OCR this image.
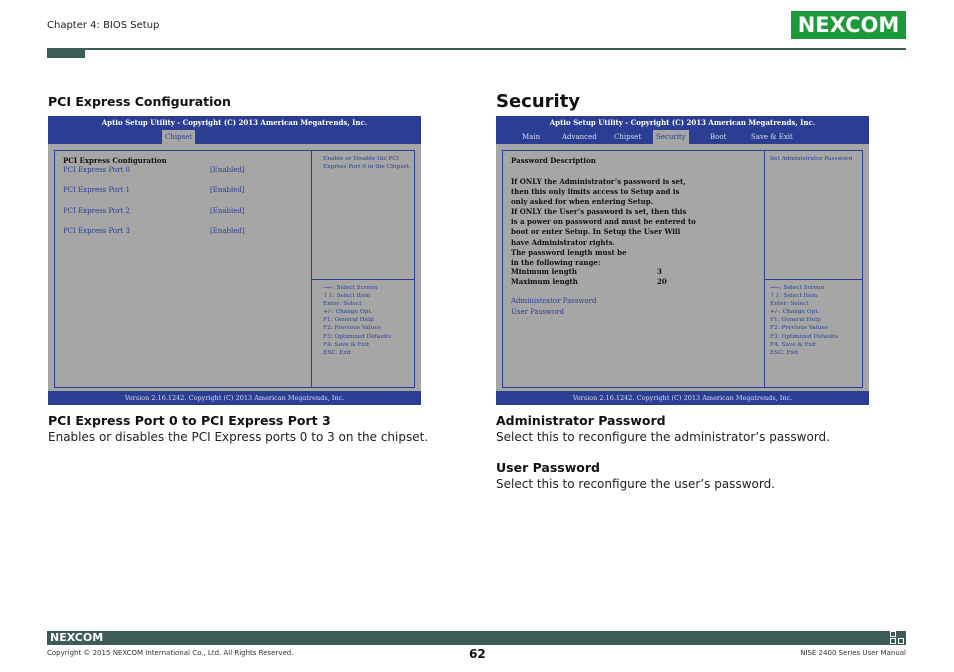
Chapter 4: BIOS Setup	NEXCOM
PCI Express Configuration
Aptio Setup Utility - Copyright (C) 2013 American Megatrends, Inc.
Chipset
PCI Express Configuration
PCI Express Port 0	[Enabled]
PCI Express Port 1	[Enabled]
PCI Express Port 2	[Enabled]
PCI Express Port 3	[Enabled]
Enable or Disable the PCI
Express Port 0 in the Chipset.
→←: Select Screen
↑↓: Select Item
Enter: Select
+/-: Change Opt.
F1: General Help
F2: Previous Values
F3: Optimized Defaults
F4: Save & Exit
ESC: Exit
Version 2.16.1242. Copyright (C) 2013 American Megatrends, Inc.
PCI Express Port 0 to PCI Express Port 3
Enables or disables the PCI Express ports 0 to 3 on the chipset.
Security
Aptio Setup Utility - Copyright (C) 2013 American Megatrends, Inc.
Main	Advanced Chipset	Security	Boot	Save & Exit
Password Description
If ONLY the Administrator’s password is set,
then this only limits access to Setup and is
only asked for when entering Setup.
If ONLY the User’s password is set, then this
is a power on password and must be entered to
boot or enter Setup. In Setup the User Will
have Administrator rights.
The password length must be
in the following range:
Minimum length	3
Maximum length	20
Administrator Password
User Password
Set Administrator Password
→←: Select Screen
↑↓: Select Item
Enter: Select
+/-: Change Opt.
F1: General Help
F2: Previous Values
F3: Optimized Defaults
F4: Save & Exit
ESC: Exit
Version 2.16.1242. Copyright (C) 2013 American Megatrends, Inc.
Administrator Password
Select this to reconfigure the administrator’s password.
User Password
Select this to reconfigure the user’s password.
NEXCOM
Copyright © 2015 NEXCOM International Co., Ltd. All Rights Reserved.	62	NISE 2400 Series User Manual
